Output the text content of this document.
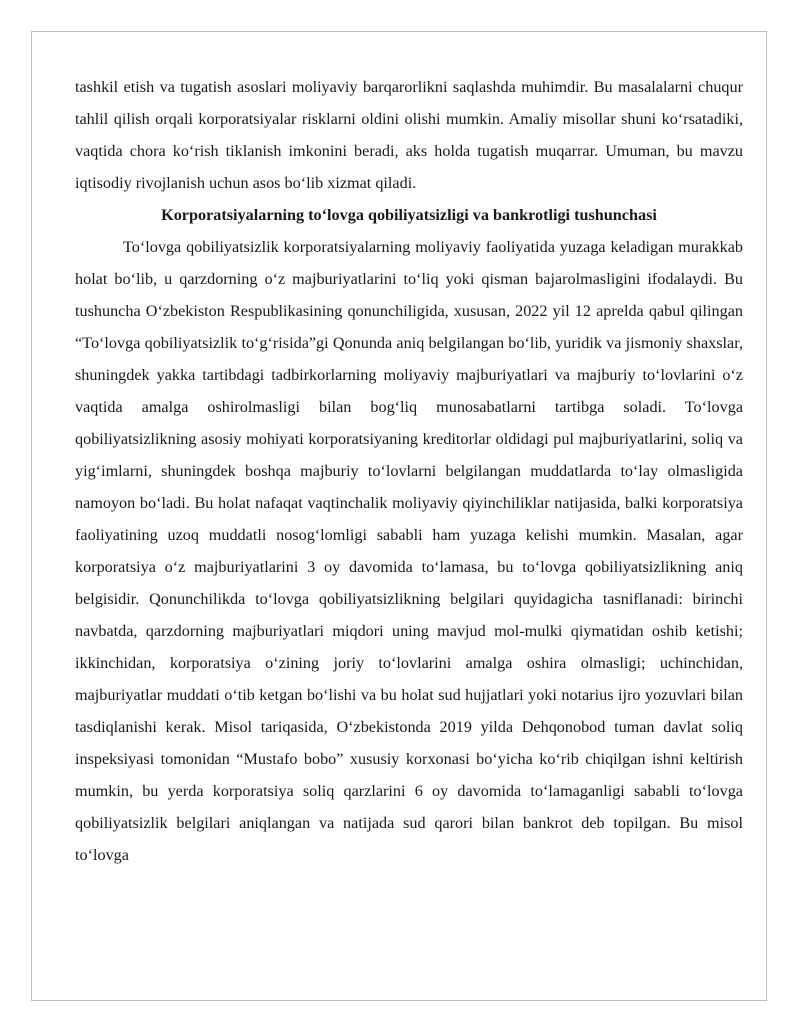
tashkil etish va tugatish asoslari moliyaviy barqarorlikni saqlashda muhimdir. Bu masalalarni chuqur tahlil qilish orqali korporatsiyalar risklarni oldini olishi mumkin. Amaliy misollar shuni koʻrsatadiki, vaqtida chora koʻrish tiklanish imkonini beradi, aks holda tugatish muqarrar. Umuman, bu mavzu iqtisodiy rivojlanish uchun asos boʻlib xizmat qiladi.

Korporatsiyalarning toʻlovga qobiliyatsizligi va bankrotligi tushunchasi

Toʻlovga qobiliyatsizlik korporatsiyalarning moliyaviy faoliyatida yuzaga keladigan murakkab holat boʻlib, u qarzdorning oʻz majburiyatlarini toʻliq yoki qisman bajarolmasligini ifodalaydi. Bu tushuncha Oʻzbekiston Respublikasining qonunchiligida, xususan, 2022 yil 12 aprelda qabul qilingan “Toʻlovga qobiliyatsizlik toʻgʻrisida”gi Qonunda aniq belgilangan boʻlib, yuridik va jismoniy shaxslar, shuningdek yakka tartibdagi tadbirkorlarning moliyaviy majburiyatlari va majburiy toʻlovlarini oʻz vaqtida amalga oshirolmasligi bilan bogʻliq munosabatlarni tartibga soladi. Toʻlovga qobiliyatsizlikning asosiy mohiyati korporatsiyaning kreditorlar oldidagi pul majburiyatlarini, soliq va yigʻimlarni, shuningdek boshqa majburiy toʻlovlarni belgilangan muddatlarda toʻlay olmasligida namoyon boʻladi. Bu holat nafaqat vaqtinchalik moliyaviy qiyinchiliklar natijasida, balki korporatsiya faoliyatining uzoq muddatli nosogʻlomligi sababli ham yuzaga kelishi mumkin. Masalan, agar korporatsiya oʻz majburiyatlarini 3 oy davomida toʻlamasa, bu toʻlovga qobiliyatsizlikning aniq belgisidir. Qonunchilikda toʻlovga qobiliyatsizlikning belgilari quyidagicha tasniflanadi: birinchi navbatda, qarzdorning majburiyatlari miqdori uning mavjud mol-mulki qiymatidan oshib ketishi; ikkinchidan, korporatsiya oʻzining joriy toʻlovlarini amalga oshira olmasligi; uchinchidan, majburiyatlar muddati oʻtib ketgan boʻlishi va bu holat sud hujjatlari yoki notarius ijro yozuvlari bilan tasdiqlanishi kerak. Misol tariqasida, Oʻzbekistonda 2019 yilda Dehqonobod tuman davlat soliq inspeksiyasi tomonidan “Mustafo bobo” xususiy korxonasi boʻyicha koʻrib chiqilgan ishni keltirish mumkin, bu yerda korporatsiya soliq qarzlarini 6 oy davomida toʻlamaganligi sababli toʻlovga qobiliyatsizlik belgilari aniqlangan va natijada sud qarori bilan bankrot deb topilgan. Bu misol toʻlovga
